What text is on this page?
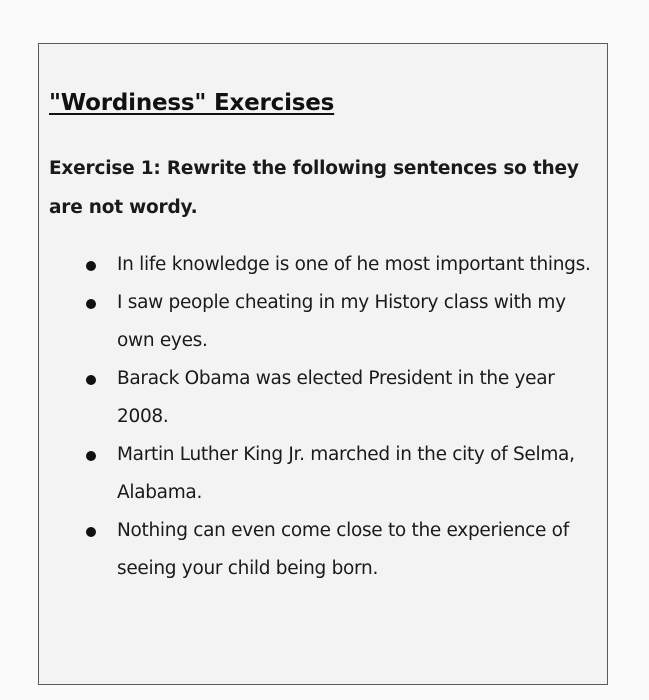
"Wordiness" Exercises

Exercise 1: Rewrite the following sentences so they are not wordy.

In life knowledge is one of he most important things.
I saw people cheating in my History class with my own eyes.
Barack Obama was elected President in the year 2008.
Martin Luther King Jr. marched in the city of Selma, Alabama.
Nothing can even come close to the experience of seeing your child being born.
